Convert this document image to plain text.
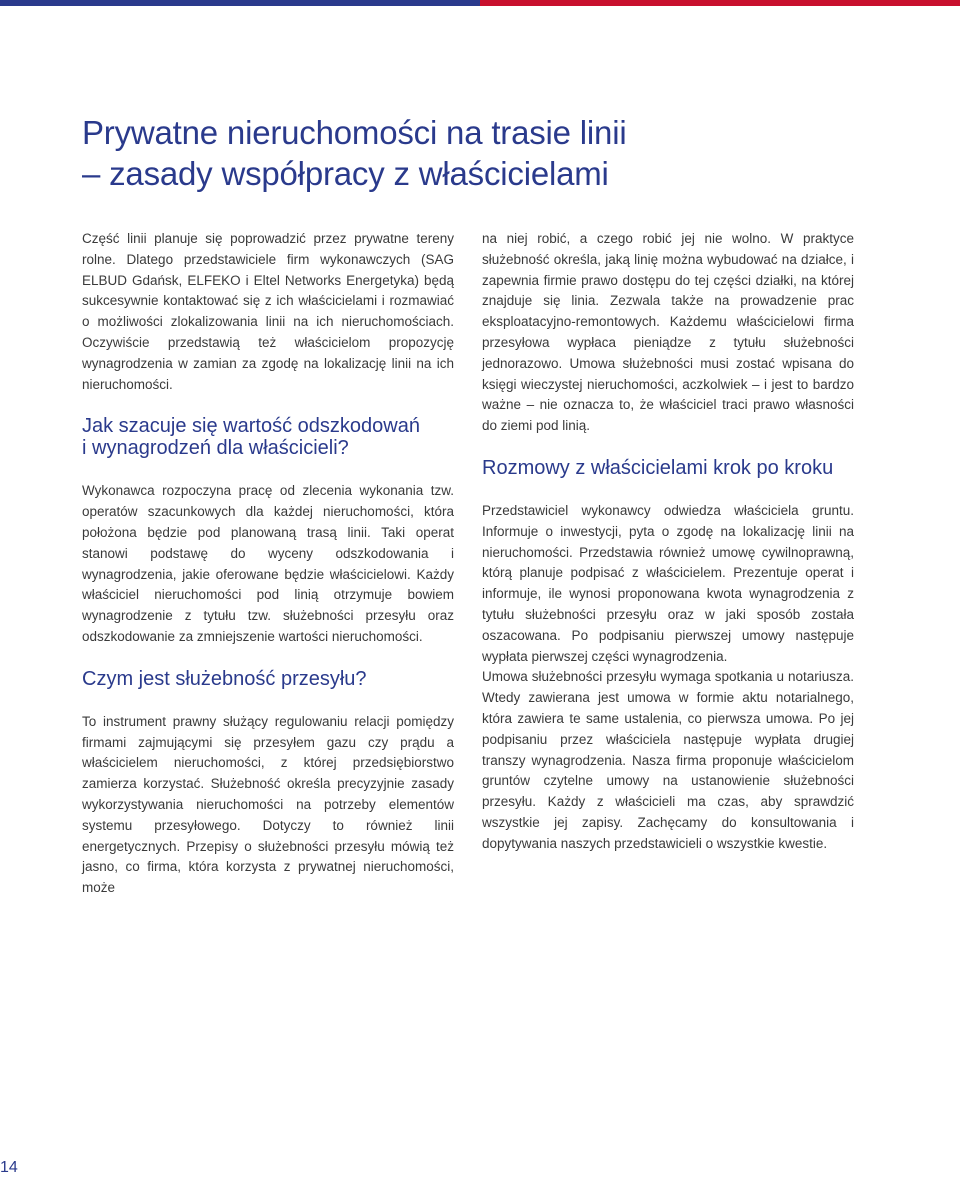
Prywatne nieruchomości na trasie linii
– zasady współpracy z właścicielami

Część linii planuje się poprowadzić przez prywatne tereny rolne. Dlatego przedstawiciele firm wykonawczych (SAG ELBUD Gdańsk, ELFEKO i Eltel Networks Energetyka) będą sukcesywnie kontaktować się z ich właścicielami i rozmawiać o możliwości zlokalizowania linii na ich nieruchomościach. Oczywiście przedstawią też właścicielom propozycję wynagrodzenia w zamian za zgodę na lokalizację linii na ich nieruchomości.

Jak szacuje się wartość odszkodowań
i wynagrodzeń dla właścicieli?

Wykonawca rozpoczyna pracę od zlecenia wykonania tzw. operatów szacunkowych dla każdej nieruchomości, która położona będzie pod planowaną trasą linii. Taki operat stanowi podstawę do wyceny odszkodowania i wynagrodzenia, jakie oferowane będzie właścicielowi. Każdy właściciel nieruchomości pod linią otrzymuje bowiem wynagrodzenie z tytułu tzw. służebności przesyłu oraz odszkodowanie za zmniejszenie wartości nieruchomości.

Czym jest służebność przesyłu?

To instrument prawny służący regulowaniu relacji pomiędzy firmami zajmującymi się przesyłem gazu czy prądu a właścicielem nieruchomości, z której przedsiębiorstwo zamierza korzystać. Służebność określa precyzyjnie zasady wykorzystywania nieruchomości na potrzeby elementów systemu przesyłowego. Dotyczy to również linii energetycznych. Przepisy o służebności przesyłu mówią też jasno, co firma, która korzysta z prywatnej nieruchomości, może

na niej robić, a czego robić jej nie wolno. W praktyce służebność określa, jaką linię można wybudować na działce, i zapewnia firmie prawo dostępu do tej części działki, na której znajduje się linia. Zezwala także na prowadzenie prac eksploatacyjno-remontowych. Każdemu właścicielowi firma przesyłowa wypłaca pieniądze z tytułu służebności jednorazowo. Umowa służebności musi zostać wpisana do księgi wieczystej nieruchomości, aczkolwiek – i jest to bardzo ważne – nie oznacza to, że właściciel traci prawo własności do ziemi pod linią.

Rozmowy z właścicielami krok po kroku

Przedstawiciel wykonawcy odwiedza właściciela gruntu. Informuje o inwestycji, pyta o zgodę na lokalizację linii na nieruchomości. Przedstawia również umowę cywilnoprawną, którą planuje podpisać z właścicielem. Prezentuje operat i informuje, ile wynosi proponowana kwota wynagrodzenia z tytułu służebności przesyłu oraz w jaki sposób została oszacowana. Po podpisaniu pierwszej umowy następuje wypłata pierwszej części wynagrodzenia.

Umowa służebności przesyłu wymaga spotkania u notariusza. Wtedy zawierana jest umowa w formie aktu notarialnego, która zawiera te same ustalenia, co pierwsza umowa. Po jej podpisaniu przez właściciela następuje wypłata drugiej transzy wynagrodzenia. Nasza firma proponuje właścicielom gruntów czytelne umowy na ustanowienie służebności przesyłu. Każdy z właścicieli ma czas, aby sprawdzić wszystkie jej zapisy. Zachęcamy do konsultowania i dopytywania naszych przedstawicieli o wszystkie kwestie.

14
